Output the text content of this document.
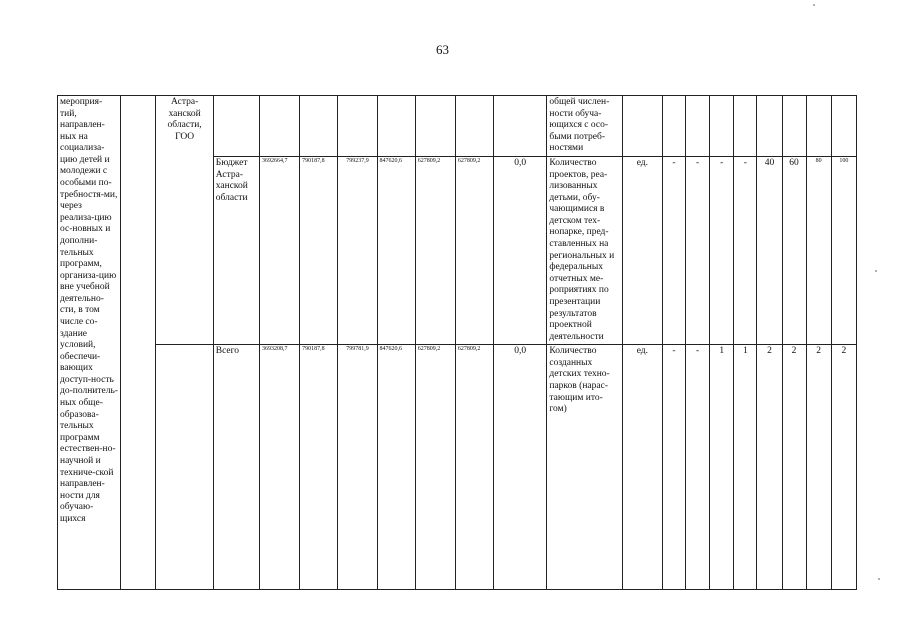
63
мероприя-тий, направлен-ных на социализа-цию детей и молодежи с особыми по-требностя-ми, через реализа-цию ос-новных и дополни-тельных программ, организа-цию вне учебной деятельно-сти, в том числе со-здание условий, обеспечи-вающих доступ-ность до-полнитель-ных обще-образова-тельных программ естествен-но-научной и техниче-ской направлен-ности для обучаю-щихся		Астра-ханской области, ГОО									общей числен-ности обуча-ющихся с осо-быми потреб-ностями									
			Бюджет Астра-ханской области	3692664,7	790187,8	799237,9	847620,6	627809,2	627809,2	0,0	Количество проектов, реа-лизованных детьми, обу-чающимися в детском тех-нопарке, пред-ставленных на региональных и федеральных отчетных ме-роприятиях по презентации результатов проектной деятельности	ед.	-	-	-	-	40	60	80	100
			Всего	3693208,7	790187,8	799781,9	847620,6	627809,2	627809,2	0,0	Количество созданных детских техно-парков (нарас-тающим ито-гом)	ед.	-	-	1	1	2	2	2	2
